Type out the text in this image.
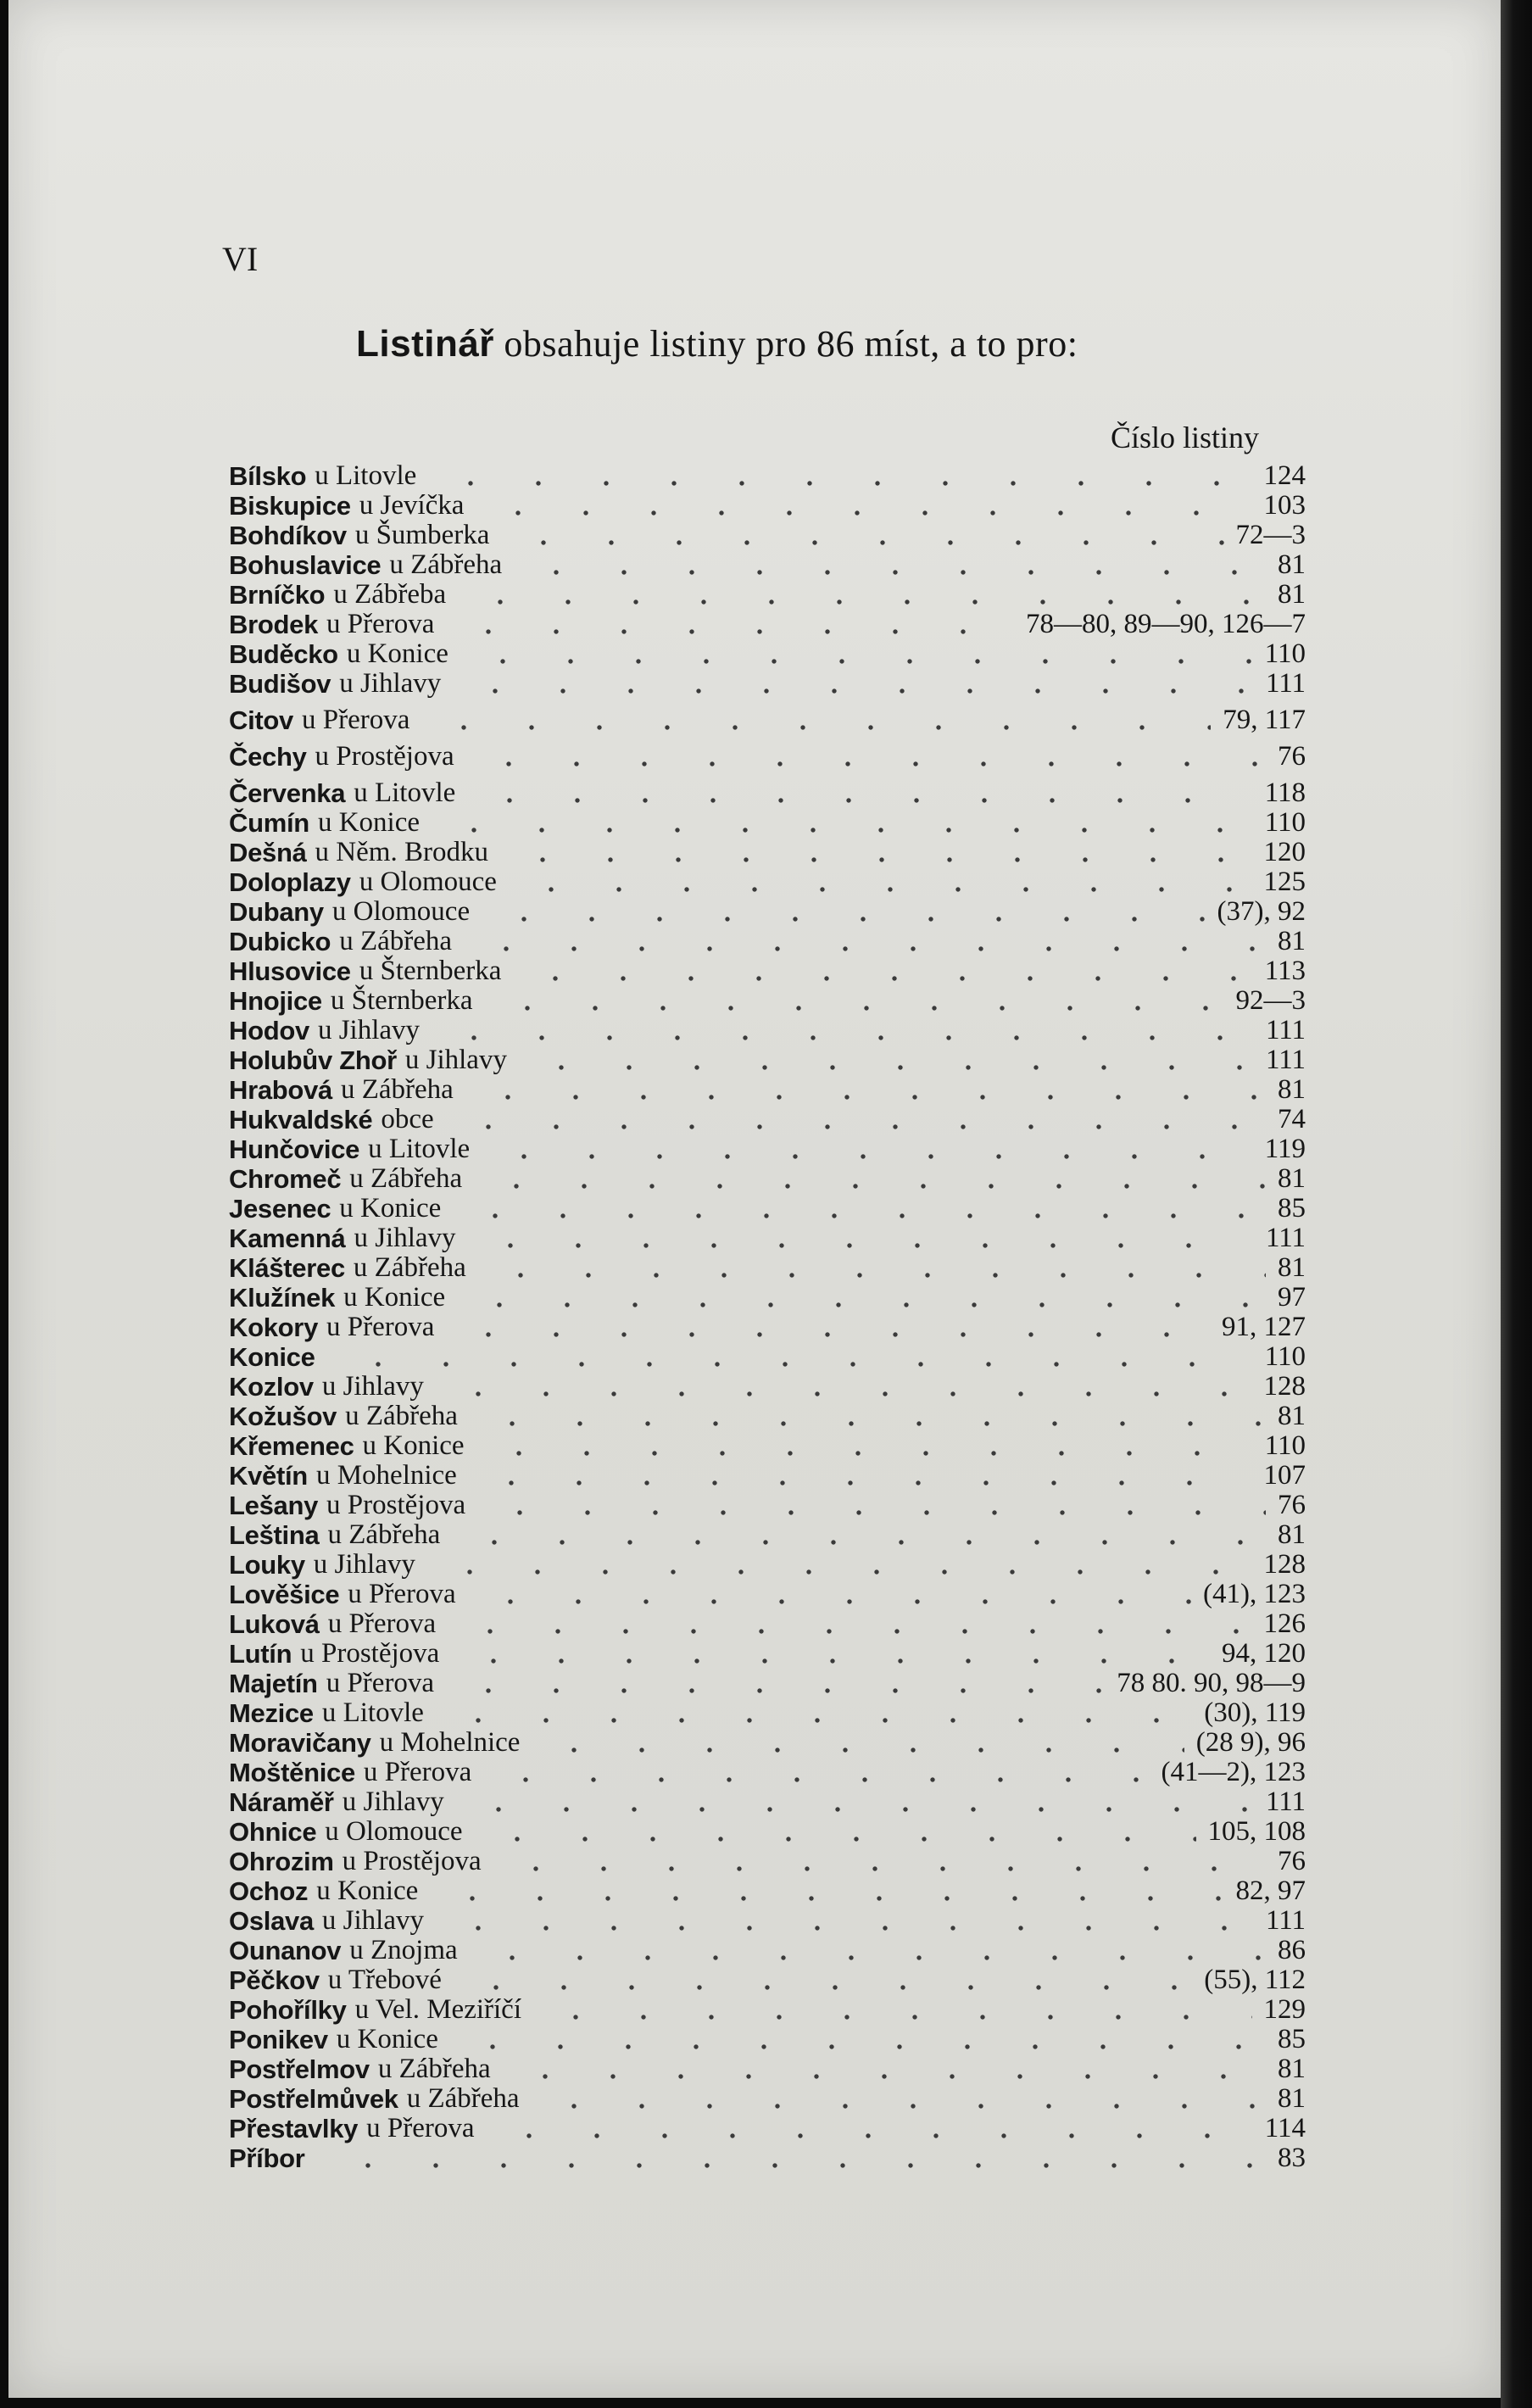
VI
Listinář obsahuje listiny pro 86 míst, a to pro:
Číslo listiny
Bílsko u Litovle	124
Biskupice u Jevíčka	103
Bohdíkov u Šumberka	72—3
Bohuslavice u Zábřeha	81
Brníčko u Zábřeba	81
Brodek u Přerova	78—80, 89—90, 126—7
Buděcko u Konice	110
Budišov u Jihlavy	111
Citov u Přerova	79, 117
Čechy u Prostějova	76
Červenka u Litovle	118
Čumín u Konice	110
Dešná u Něm. Brodku	120
Doloplazy u Olomouce	125
Dubany u Olomouce	(37), 92
Dubicko u Zábřeha	81
Hlusovice u Šternberka	113
Hnojice u Šternberka	92—3
Hodov u Jihlavy	111
Holubův Zhoř u Jihlavy	111
Hrabová u Zábřeha	81
Hukvaldské obce	74
Hunčovice u Litovle	119
Chromeč u Zábřeha	81
Jesenec u Konice	85
Kamenná u Jihlavy	111
Klášterec u Zábřeha	81
Klužínek u Konice	97
Kokory u Přerova	91, 127
Konice	110
Kozlov u Jihlavy	128
Kožušov u Zábřeha	81
Křemenec u Konice	110
Květín u Mohelnice	107
Lešany u Prostějova	76
Leština u Zábřeha	81
Louky u Jihlavy	128
Lověšice u Přerova	(41), 123
Luková u Přerova	126
Lutín u Prostějova	94, 120
Majetín u Přerova	78 80. 90, 98—9
Mezice u Litovle	(30), 119
Moravičany u Mohelnice	(28 9), 96
Moštěnice u Přerova	(41—2), 123
Náraměř u Jihlavy	111
Ohnice u Olomouce	105, 108
Ohrozim u Prostějova	76
Ochoz u Konice	82, 97
Oslava u Jihlavy	111
Ounanov u Znojma	86
Pěčkov u Třebové	(55), 112
Pohořílky u Vel. Meziříčí	129
Ponikev u Konice	85
Postřelmov u Zábřeha	81
Postřelmůvek u Zábřeha	81
Přestavlky u Přerova	114
Příbor	83
